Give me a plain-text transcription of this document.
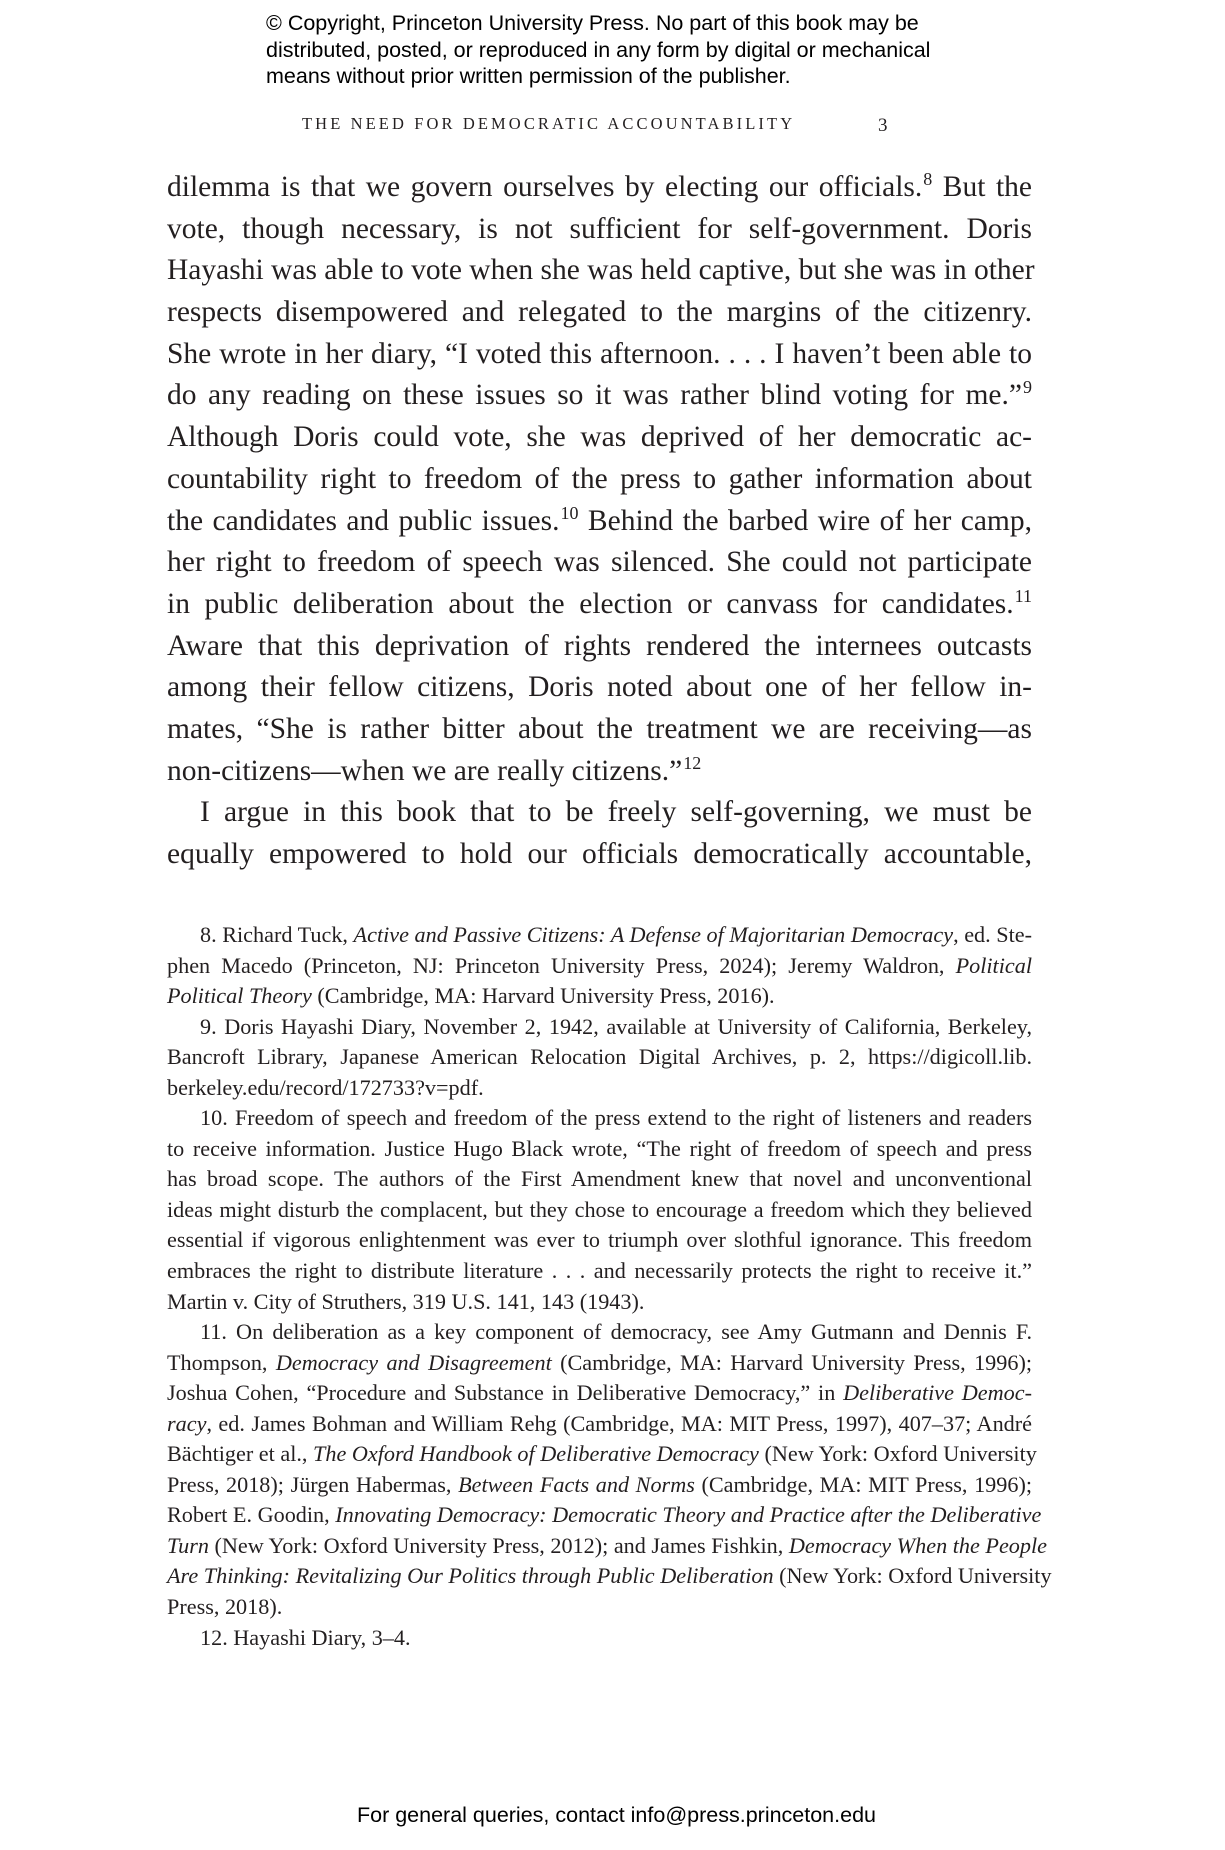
© Copyright, Princeton University Press. No part of this book may be
distributed, posted, or reproduced in any form by digital or mechanical
means without prior written permission of the publisher.
THE NEED FOR DEMOCRATIC ACCOUNTABILITY	3
dilemma is that we govern ourselves by electing our officials.$^8$ But the
vote, though necessary, is not sufficient for self-government. Doris
Hayashi was able to vote when she was held captive, but she was in other
respects disempowered and relegated to the margins of the citizenry.
She wrote in her diary, “I voted this afternoon. . . . I haven’t been able to
do any reading on these issues so it was rather blind voting for me.”$^9$
Although Doris could vote, she was deprived of her democratic ac-
countability right to freedom of the press to gather information about
the candidates and public issues.$^{10}$ Behind the barbed wire of her camp,
her right to freedom of speech was silenced. She could not participate
in public deliberation about the election or canvass for candidates.$^{11}$
Aware that this deprivation of rights rendered the internees outcasts
among their fellow citizens, Doris noted about one of her fellow in-
mates, “She is rather bitter about the treatment we are receiving—as
non-citizens—when we are really citizens.”$^{12}$
I argue in this book that to be freely self-governing, we must be
equally empowered to hold our officials democratically accountable,
8. Richard Tuck, Active and Passive Citizens: A Defense of Majoritarian Democracy, ed. Ste-
phen Macedo (Princeton, NJ: Princeton University Press, 2024); Jeremy Waldron, Political
Political Theory (Cambridge, MA: Harvard University Press, 2016).
9. Doris Hayashi Diary, November 2, 1942, available at University of California, Berkeley,
Bancroft Library, Japanese American Relocation Digital Archives, p. 2, https://digicoll.lib.
berkeley.edu/record/172733?v=pdf.
10. Freedom of speech and freedom of the press extend to the right of listeners and readers
to receive information. Justice Hugo Black wrote, “The right of freedom of speech and press
has broad scope. The authors of the First Amendment knew that novel and unconventional
ideas might disturb the complacent, but they chose to encourage a freedom which they believed
essential if vigorous enlightenment was ever to triumph over slothful ignorance. This freedom
embraces the right to distribute literature . . . and necessarily protects the right to receive it.”
Martin v. City of Struthers, 319 U.S. 141, 143 (1943).
11. On deliberation as a key component of democracy, see Amy Gutmann and Dennis F.
Thompson, Democracy and Disagreement (Cambridge, MA: Harvard University Press, 1996);
Joshua Cohen, “Procedure and Substance in Deliberative Democracy,” in Deliberative Democ-
racy, ed. James Bohman and William Rehg (Cambridge, MA: MIT Press, 1997), 407–37; André
Bächtiger et al., The Oxford Handbook of Deliberative Democracy (New York: Oxford University
Press, 2018); Jürgen Habermas, Between Facts and Norms (Cambridge, MA: MIT Press, 1996);
Robert E. Goodin, Innovating Democracy: Democratic Theory and Practice after the Deliberative
Turn (New York: Oxford University Press, 2012); and James Fishkin, Democracy When the People
Are Thinking: Revitalizing Our Politics through Public Deliberation (New York: Oxford University
Press, 2018).
12. Hayashi Diary, 3–4.
For general queries, contact info@press.princeton.edu
